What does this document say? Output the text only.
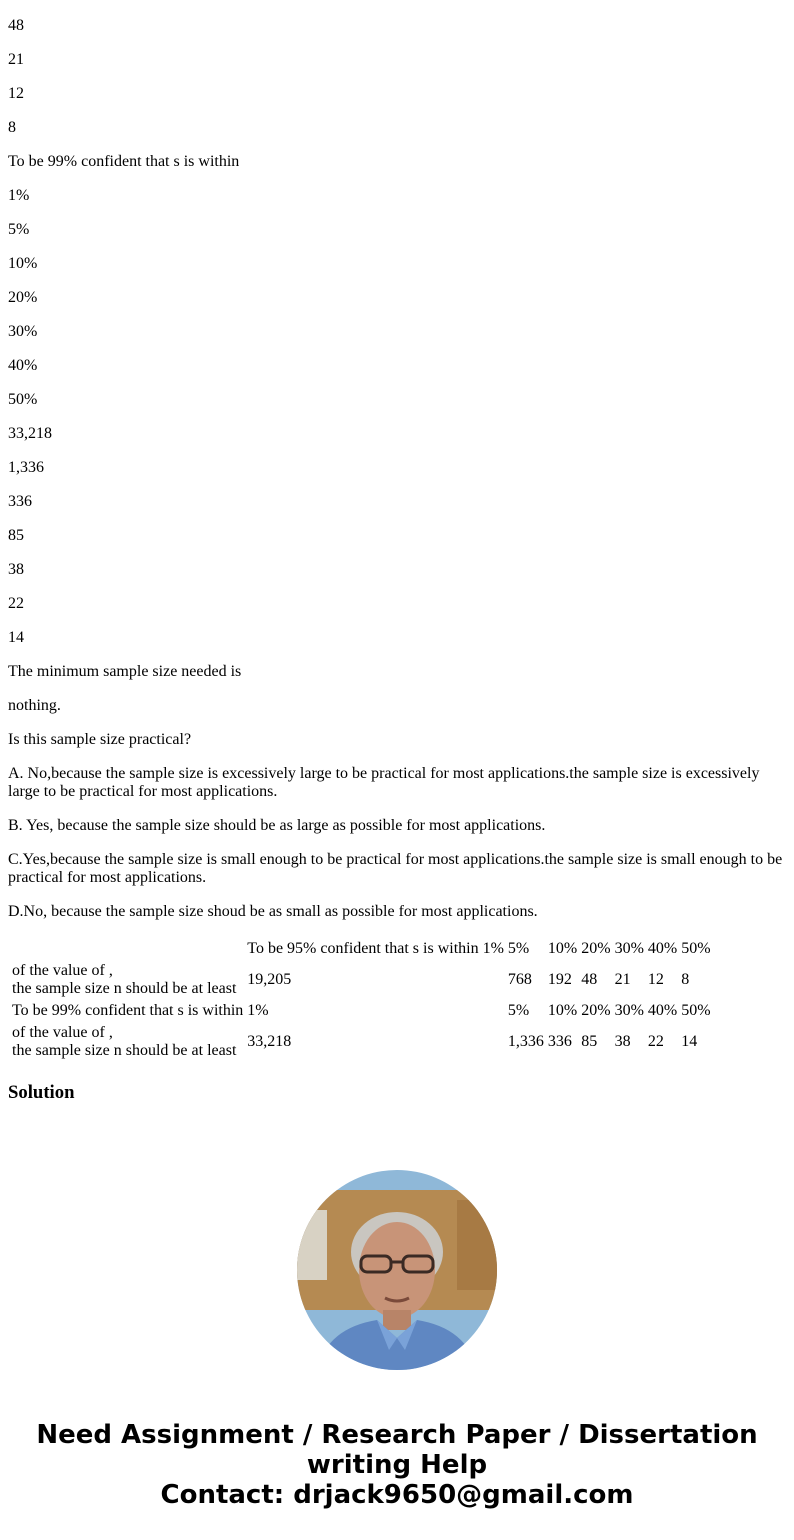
48

21

12

8

To be 99% confident that s is within

1%

5%

10%

20%

30%

40%

50%

33,218

1,336

336

85

38

22

14

The minimum sample size needed is

nothing.

Is this sample size practical?

A. No,because the sample size is excessively large to be practical for most applications.the sample size is excessively large to be practical for most applications.

B. Yes, because the sample size should be as large as possible for most applications.

C.Yes,because the sample size is small enough to be practical for most applications.the sample size is small enough to be practical for most applications.

D.No, because the sample size shoud be as small as possible for most applications.

	To be 95% confident that s is within	1%	5%	10%	20%	30%	40%	50%
of the value of ,
the sample size n should be at least	19,205		768	192	48	21	12	8
To be 99% confident that s is within	1%		5%	10%	20%	30%	40%	50%
of the value of ,
the sample size n should be at least	33,218		1,336	336	85	38	22	14
Solution
Need Assignment / Research Paper / Dissertation
writing Help
Contact: drjack9650@gmail.com
